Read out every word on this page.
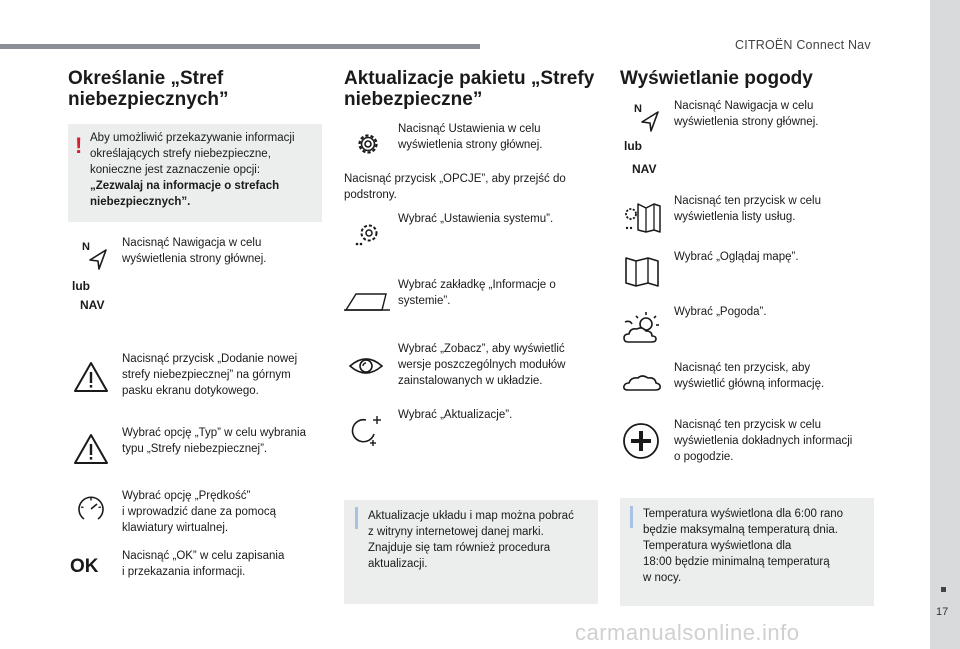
CITROËN Connect Nav
17
carmanualsonline.info
Określanie „Stref
niebezpiecznych”
! Aby umożliwić przekazywanie informacji
określających strefy niebezpieczne,
konieczne jest zaznaczenie opcji:
„Zezwalaj na informacje o strefach
niebezpiecznych”.
N
lub
NAV
Nacisnąć Nawigacja w celu
wyświetlenia strony głównej.
Nacisnąć przycisk „Dodanie nowej
strefy niebezpiecznej” na górnym
pasku ekranu dotykowego.
Wybrać opcję „Typ” w celu wybrania
typu „Strefy niebezpiecznej”.
Wybrać opcję „Prędkość”
i wprowadzić dane za pomocą
klawiatury wirtualnej.
OK Nacisnąć „OK” w celu zapisania
i przekazania informacji.
Aktualizacje pakietu „Strefy
niebezpieczne”
Nacisnąć Ustawienia w celu
wyświetlenia strony głównej.
Nacisnąć przycisk „OPCJE”, aby przejść do
podstrony.
Wybrać „Ustawienia systemu”.
Wybrać zakładkę „Informacje o
systemie”.
Wybrać „Zobacz”, aby wyświetlić
wersje poszczególnych modułów
zainstalowanych w układzie.
Wybrać „Aktualizacje”.
Aktualizacje układu i map można pobrać
z witryny internetowej danej marki.
Znajduje się tam również procedura
aktualizacji.
Wyświetlanie pogody
N
lub
NAV
Nacisnąć Nawigacja w celu
wyświetlenia strony głównej.
Nacisnąć ten przycisk w celu
wyświetlenia listy usług.
Wybrać „Oglądaj mapę”.
Wybrać „Pogoda”.
Nacisnąć ten przycisk, aby
wyświetlić główną informację.
Nacisnąć ten przycisk w celu
wyświetlenia dokładnych informacji
o pogodzie.
Temperatura wyświetlona dla 6:00 rano
będzie maksymalną temperaturą dnia.
Temperatura wyświetlona dla
18:00 będzie minimalną temperaturą
w nocy.
